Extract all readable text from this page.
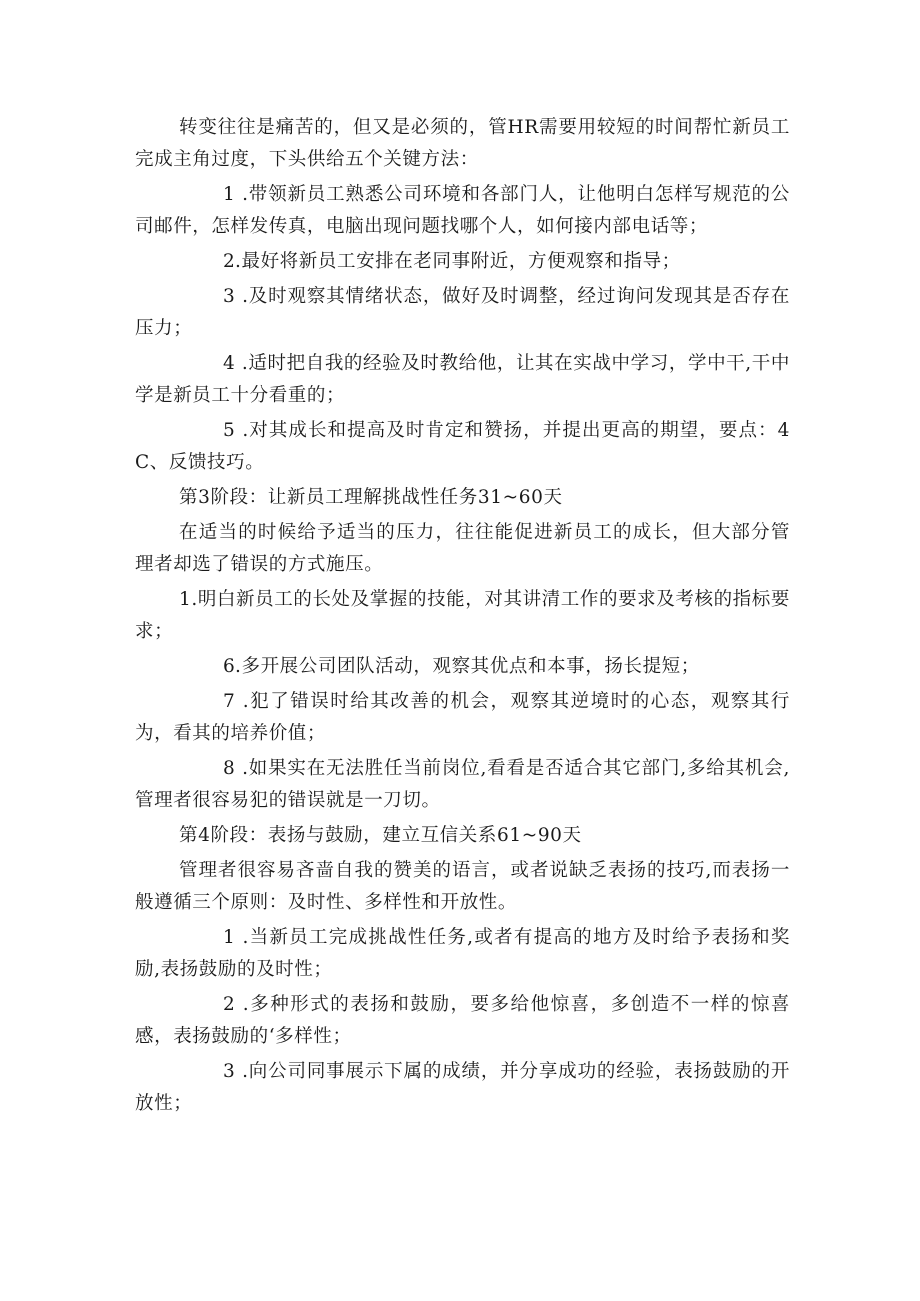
转变往往是痛苦的，但又是必须的，管HR需要用较短的时间帮忙新员工完成主角过度，下头供给五个关键方法：

1 .带领新员工熟悉公司环境和各部门人，让他明白怎样写规范的公司邮件，怎样发传真，电脑出现问题找哪个人，如何接内部电话等；

2.最好将新员工安排在老同事附近，方便观察和指导；

3 .及时观察其情绪状态，做好及时调整，经过询问发现其是否存在压力；

4 .适时把自我的经验及时教给他，让其在实战中学习，学中干,干中学是新员工十分看重的；

5 .对其成长和提高及时肯定和赞扬，并提出更高的期望，要点：4C、反馈技巧。

第3阶段：让新员工理解挑战性任务31~60天

在适当的时候给予适当的压力，往往能促进新员工的成长，但大部分管理者却选了错误的方式施压。

1.明白新员工的长处及掌握的技能，对其讲清工作的要求及考核的指标要求；

6.多开展公司团队活动，观察其优点和本事，扬长提短；

7 .犯了错误时给其改善的机会，观察其逆境时的心态，观察其行为，看其的培养价值；

8 .如果实在无法胜任当前岗位,看看是否适合其它部门,多给其机会,管理者很容易犯的错误就是一刀切。

第4阶段：表扬与鼓励，建立互信关系61~90天

管理者很容易吝啬自我的赞美的语言，或者说缺乏表扬的技巧,而表扬一般遵循三个原则：及时性、多样性和开放性。

1 .当新员工完成挑战性任务,或者有提高的地方及时给予表扬和奖励,表扬鼓励的及时性；

2 .多种形式的表扬和鼓励，要多给他惊喜，多创造不一样的惊喜感，表扬鼓励的‘多样性；

3 .向公司同事展示下属的成绩，并分享成功的经验，表扬鼓励的开放性；
